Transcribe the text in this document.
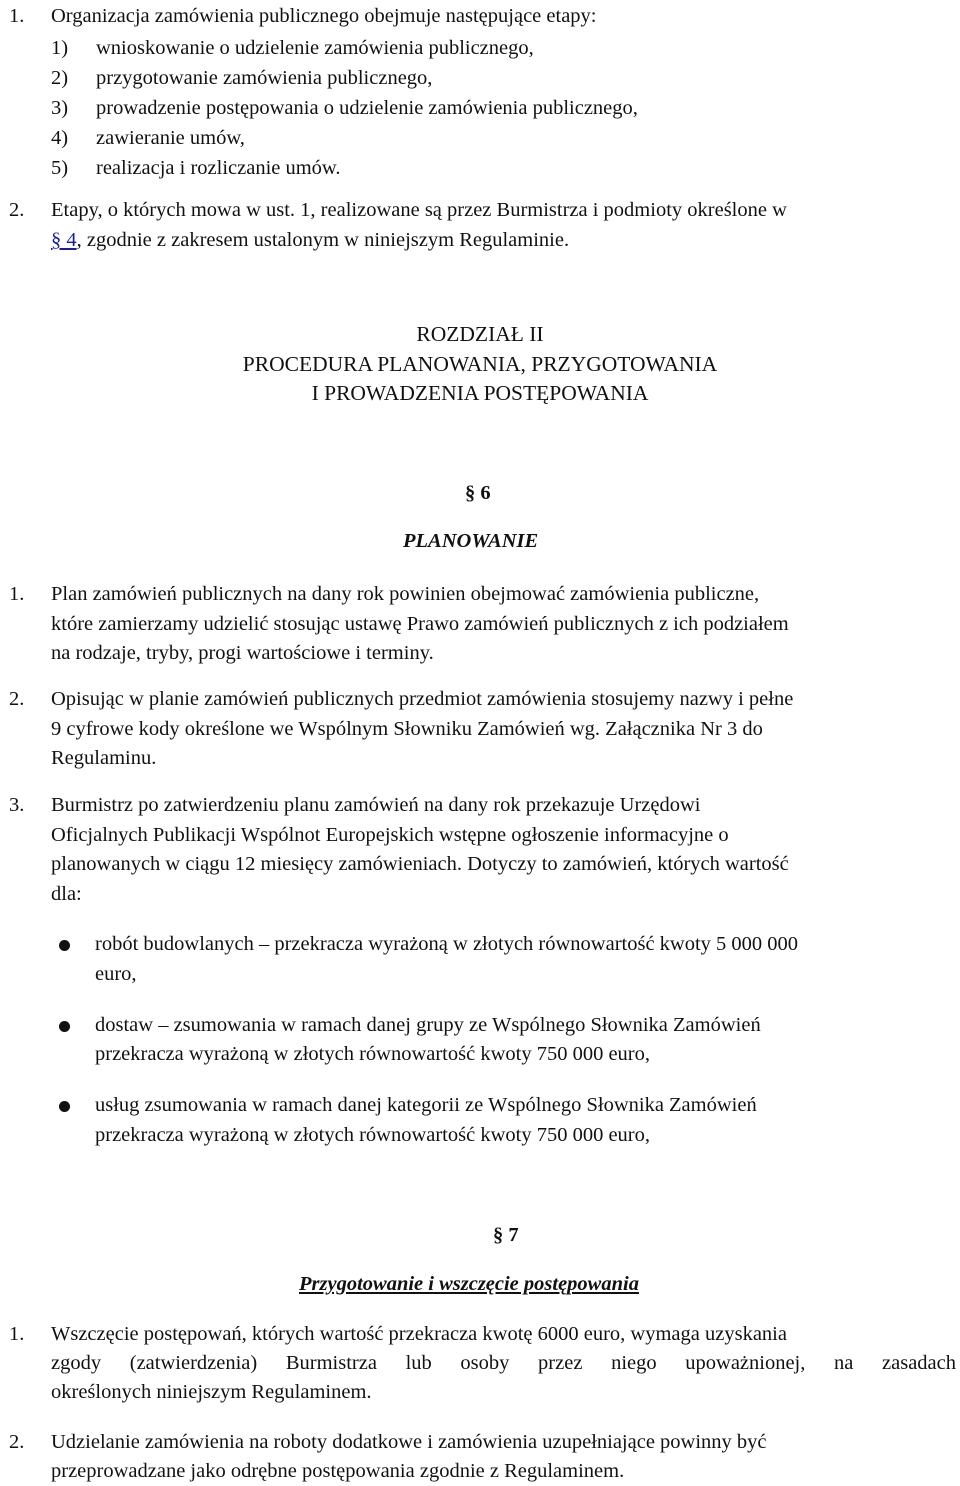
1. Organizacja zamówienia publicznego obejmuje następujące etapy:
1) wnioskowanie o udzielenie zamówienia publicznego,
2) przygotowanie zamówienia publicznego,
3) prowadzenie postępowania o udzielenie zamówienia publicznego,
4) zawieranie umów,
5) realizacja i rozliczanie umów.
2. Etapy, o których mowa w ust. 1, realizowane są przez Burmistrza i podmioty określone w
§ 4, zgodnie z zakresem ustalonym w niniejszym Regulaminie.
ROZDZIAŁ II
PROCEDURA PLANOWANIA, PRZYGOTOWANIA
I PROWADZENIA POSTĘPOWANIA
§ 6
PLANOWANIE
1. Plan zamówień publicznych na dany rok powinien obejmować zamówienia publiczne,
które zamierzamy udzielić stosując ustawę Prawo zamówień publicznych z ich podziałem
na rodzaje, tryby, progi wartościowe i terminy.
2. Opisując w planie zamówień publicznych przedmiot zamówienia stosujemy nazwy i pełne
9 cyfrowe kody określone we Wspólnym Słowniku Zamówień wg. Załącznika Nr 3 do
Regulaminu.
3. Burmistrz po zatwierdzeniu planu zamówień na dany rok przekazuje Urzędowi
Oficjalnych Publikacji Wspólnot Europejskich wstępne ogłoszenie informacyjne o
planowanych w ciągu 12 miesięcy zamówieniach. Dotyczy to zamówień, których wartość
dla:
robót budowlanych – przekracza wyrażoną w złotych równowartość kwoty 5 000 000
euro,
dostaw – zsumowania w ramach danej grupy ze Wspólnego Słownika Zamówień
przekracza wyrażoną w złotych równowartość kwoty 750 000 euro,
usług zsumowania w ramach danej kategorii ze Wspólnego Słownika Zamówień
przekracza wyrażoną w złotych równowartość kwoty 750 000 euro,
§ 7
Przygotowanie i wszczęcie postępowania
1. Wszczęcie postępowań, których wartość przekracza kwotę 6000 euro, wymaga uzyskania
zgody (zatwierdzenia) Burmistrza lub osoby przez niego upoważnionej, na zasadach
określonych niniejszym Regulaminem.
2. Udzielanie zamówienia na roboty dodatkowe i zamówienia uzupełniające powinny być
przeprowadzane jako odrębne postępowania zgodnie z Regulaminem.
